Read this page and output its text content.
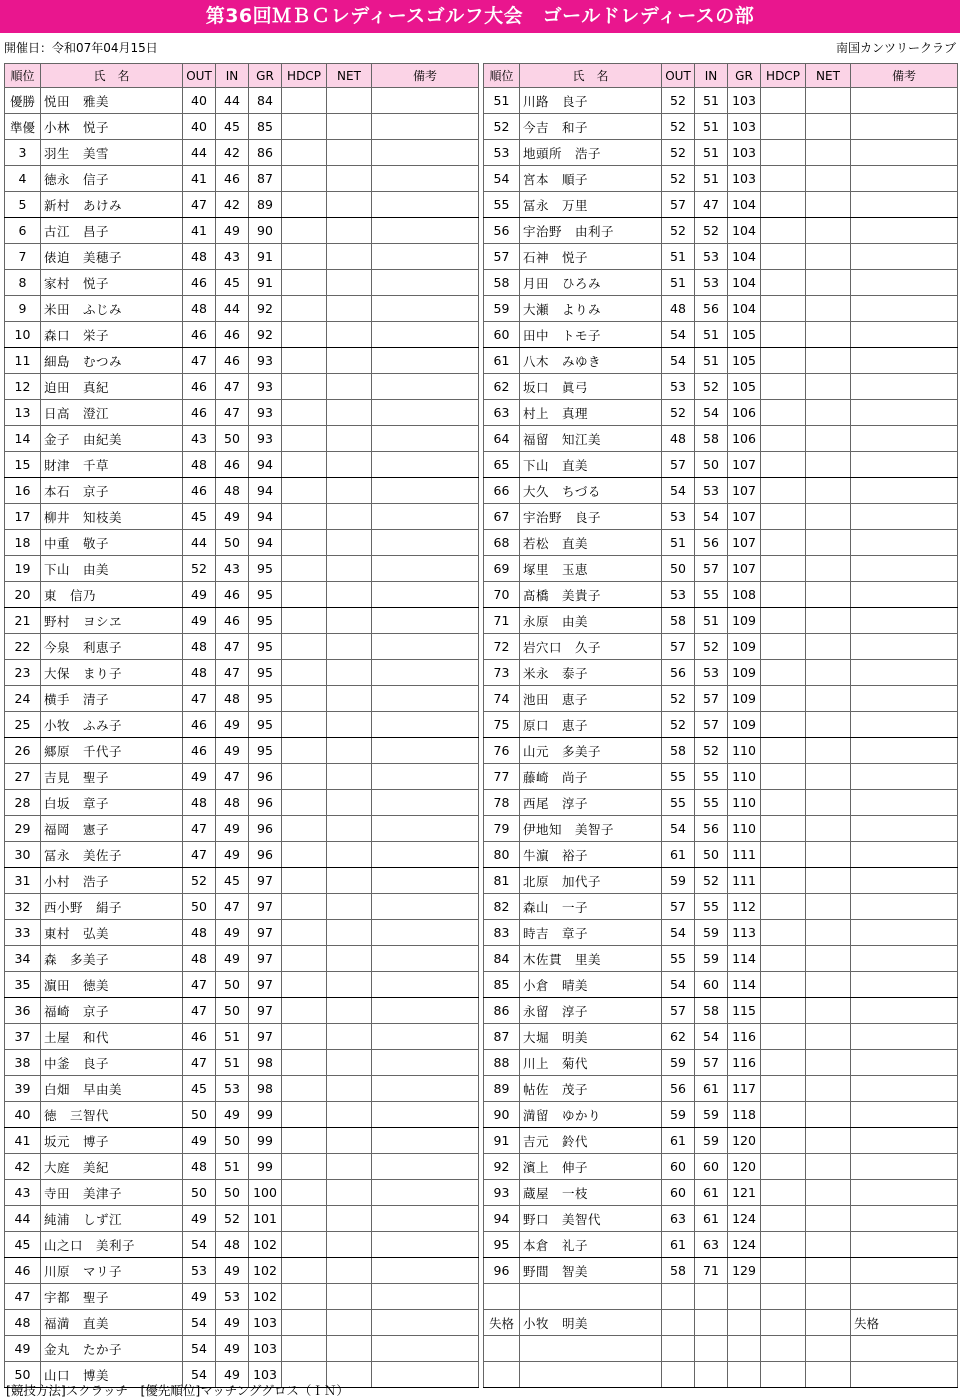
第36回ＭＢＣレディースゴルフ大会　ゴールドレディースの部
開催日：令和07年04月15日	南国カンツリークラブ
順位	氏　名	OUT	IN	GR	HDCP	NET	備考
優勝	悦田　雅美	40	44	84			
準優	小林　悦子	40	45	85			
3	羽生　美雪	44	42	86			
4	徳永　信子	41	46	87			
5	新村　あけみ	47	42	89			
6	古江　昌子	41	49	90			
7	俵迫　美穂子	48	43	91			
8	家村　悦子	46	45	91			
9	米田　ふじみ	48	44	92			
10	森口　栄子	46	46	92			
11	細島　むつみ	47	46	93			
12	迫田　真紀	46	47	93			
13	日高　澄江	46	47	93			
14	金子　由紀美	43	50	93			
15	財津　千草	48	46	94			
16	本石　京子	46	48	94			
17	柳井　知枝美	45	49	94			
18	中重　敬子	44	50	94			
19	下山　由美	52	43	95			
20	東　信乃	49	46	95			
21	野村　ヨシヱ	49	46	95			
22	今泉　利恵子	48	47	95			
23	大保　まり子	48	47	95			
24	横手　清子	47	48	95			
25	小牧　ふみ子	46	49	95			
26	郷原　千代子	46	49	95			
27	吉見　聖子	49	47	96			
28	白坂　章子	48	48	96			
29	福岡　憲子	47	49	96			
30	冨永　美佐子	47	49	96			
31	小村　浩子	52	45	97			
32	西小野　絹子	50	47	97			
33	東村　弘美	48	49	97			
34	森　多美子	48	49	97			
35	濵田　徳美	47	50	97			
36	福崎　京子	47	50	97			
37	土屋　和代	46	51	97			
38	中釜　良子	47	51	98			
39	白畑　早由美	45	53	98			
40	徳　三智代	50	49	99			
41	坂元　博子	49	50	99			
42	大庭　美紀	48	51	99			
43	寺田　美津子	50	50	100			
44	純浦　しず江	49	52	101			
45	山之口　美利子	54	48	102			
46	川原　マリ子	53	49	102			
47	宇都　聖子	49	53	102			
48	福満　直美	54	49	103			
49	金丸　たか子	54	49	103			
50	山口　博美	54	49	103			
順位	氏　名	OUT	IN	GR	HDCP	NET	備考
51	川路　良子	52	51	103			
52	今吉　和子	52	51	103			
53	地頭所　浩子	52	51	103			
54	宮本　順子	52	51	103			
55	冨永　万里	57	47	104			
56	宇治野　由利子	52	52	104			
57	石神　悦子	51	53	104			
58	月田　ひろみ	51	53	104			
59	大瀬　よりみ	48	56	104			
60	田中　トモ子	54	51	105			
61	八木　みゆき	54	51	105			
62	坂口　眞弓	53	52	105			
63	村上　真理	52	54	106			
64	福留　知江美	48	58	106			
65	下山　直美	57	50	107			
66	大久　ちづる	54	53	107			
67	宇治野　良子	53	54	107			
68	若松　直美	51	56	107			
69	塚里　玉恵	50	57	107			
70	髙橋　美貴子	53	55	108			
71	永原　由美	58	51	109			
72	岩穴口　久子	57	52	109			
73	米永　泰子	56	53	109			
74	池田　恵子	52	57	109			
75	原口　恵子	52	57	109			
76	山元　多美子	58	52	110			
77	藤崎　尚子	55	55	110			
78	西尾　淳子	55	55	110			
79	伊地知　美智子	54	56	110			
80	牛濵　裕子	61	50	111			
81	北原　加代子	59	52	111			
82	森山　一子	57	55	112			
83	時吉　章子	54	59	113			
84	木佐貫　里美	55	59	114			
85	小倉　晴美	54	60	114			
86	永留　淳子	57	58	115			
87	大堀　明美	62	54	116			
88	川上　菊代	59	57	116			
89	帖佐　茂子	56	61	117			
90	満留　ゆかり	59	59	118			
91	吉元　鈴代	61	59	120			
92	濱上　伸子	60	60	120			
93	蔵屋　一枝	60	61	121			
94	野口　美智代	63	61	124			
95	本倉　礼子	61	63	124			
96	野間　智美	58	71	129			

失格	小牧　明美						失格

[競技方法]スクラッチ　[優先順位]マッチンググロス（ＩＮ）
